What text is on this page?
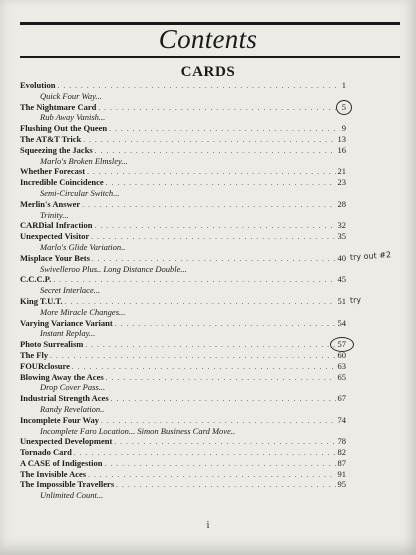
Contents
CARDS
Evolution . . .	1
Quick Four Way...
The Nightmare Card . . .	5
Rub Away Vanish...
Flushing Out the Queen . . .	9
The AT&T Trick . . .	13
Squeezing the Jacks . . .	16
Marlo's Broken Elmsley...
Whether Forecast . . .	21
Incredible Coincidence . . .	23
Semi-Circular Switch...
Merlin's Answer . . .	28
Trinity...
CARDial Infraction . . .	32
Unexpected Visitor . . .	35
Marlo's Glide Variation..
Misplace Your Bets . . .	40 try out #2
Swivelleroo Plus.. Long Distance Double...
C.C.C.P. . . .	45
Secret Interlace...
King T.U.T. . . .	51 try
More Miracle Changes...
Varying Variance Variant . . .	54
Instant Replay...
Photo Surrealism . . .	57
The Fly . . .	60
FOURclosure . . .	63
Blowing Away the Aces . . .	65
Drop Cover Pass...
Industrial Strength Aces . . .	67
Randy Revelation..
Incomplete Four Way . . .	74
Incomplete Faro Location... Simon Business Card Move..
Unexpected Development . . .	78
Tornado Card . . .	82
A CASE of Indigestion . . .	87
The Invisible Aces . . .	91
The Impossible Travellers . . .	95
Unlimited Count...
i
